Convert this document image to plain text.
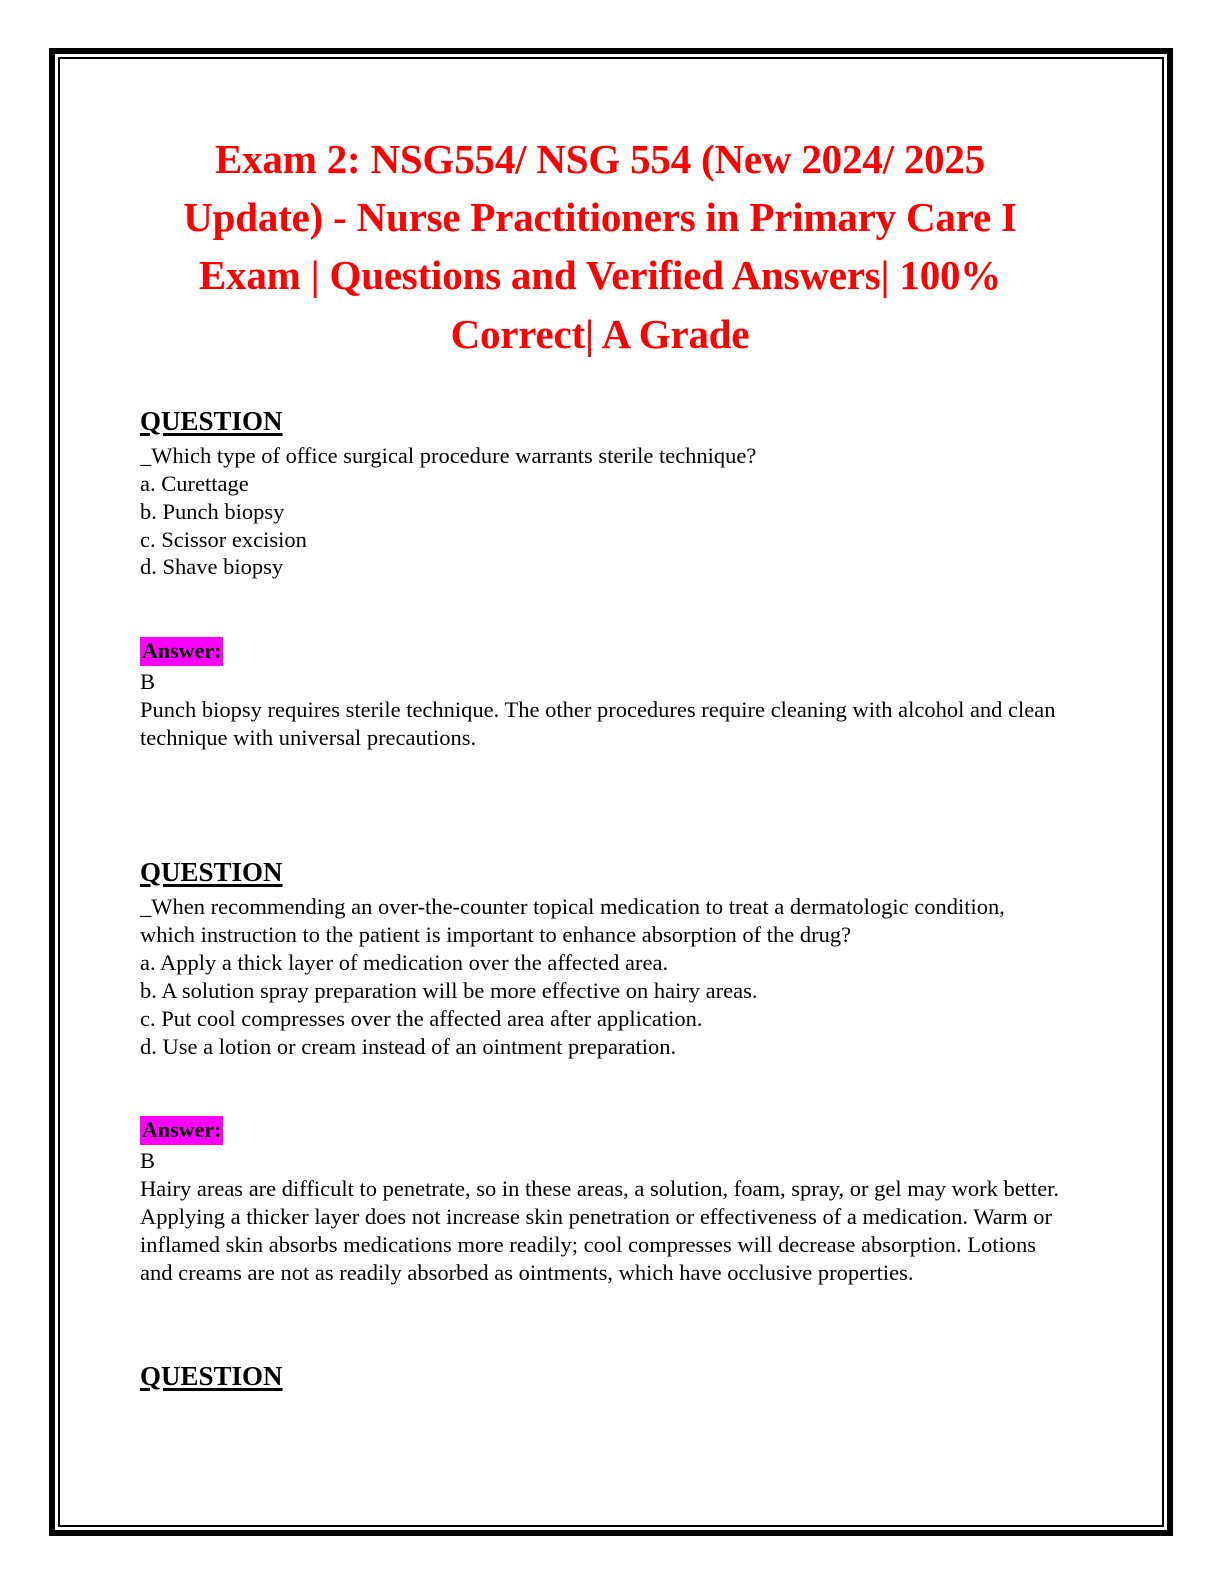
Exam 2: NSG554/ NSG 554 (New 2024/ 2025 Update) - Nurse Practitioners in Primary Care I Exam | Questions and Verified Answers| 100% Correct| A Grade
QUESTION

_Which type of office surgical procedure warrants sterile technique?

a. Curettage
b. Punch biopsy
c. Scissor excision
d. Shave biopsy
Answer:

B

Punch biopsy requires sterile technique. The other procedures require cleaning with alcohol and clean technique with universal precautions.

QUESTION

_When recommending an over-the-counter topical medication to treat a dermatologic condition, which instruction to the patient is important to enhance absorption of the drug?

a. Apply a thick layer of medication over the affected area.
b. A solution spray preparation will be more effective on hairy areas.
c. Put cool compresses over the affected area after application.
d. Use a lotion or cream instead of an ointment preparation.
Answer:

B

Hairy areas are difficult to penetrate, so in these areas, a solution, foam, spray, or gel may work better. Applying a thicker layer does not increase skin penetration or effectiveness of a medication. Warm or inflamed skin absorbs medications more readily; cool compresses will decrease absorption. Lotions and creams are not as readily absorbed as ointments, which have occlusive properties.

QUESTION
